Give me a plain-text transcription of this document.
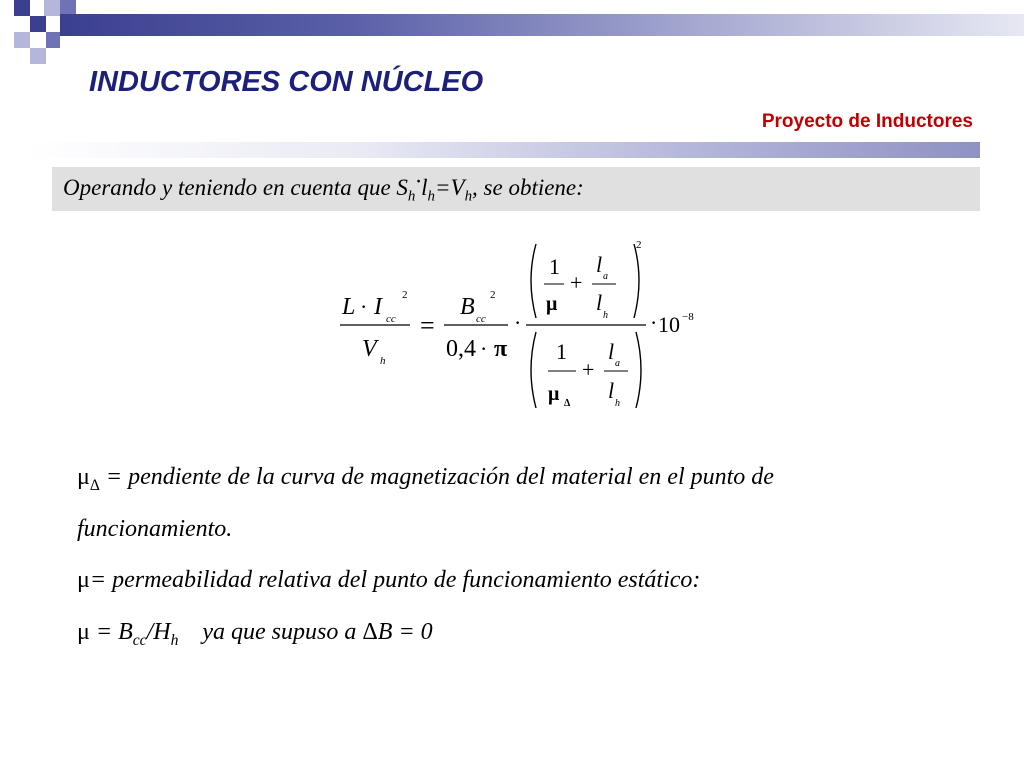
INDUCTORES CON NÚCLEO
Proyecto de Inductores
Operando y teniendo en cuenta que $S_h\cdot l_h=V_h$, se obtiene:
L · I cc
2
V h
=
B cc
2
0,4 · π
·
1
μ
+
l a
l
h
2
1
μ Δ
+
l a
l
h
· 10 −8
$\mu_\Delta$ = pendiente de la curva de magnetización del material en el punto de
funcionamiento.
μ= permeabilidad relativa del punto de funcionamiento estático:
$\mu = B_{cc}/H_h$    ya que supuso a ΔB = 0
